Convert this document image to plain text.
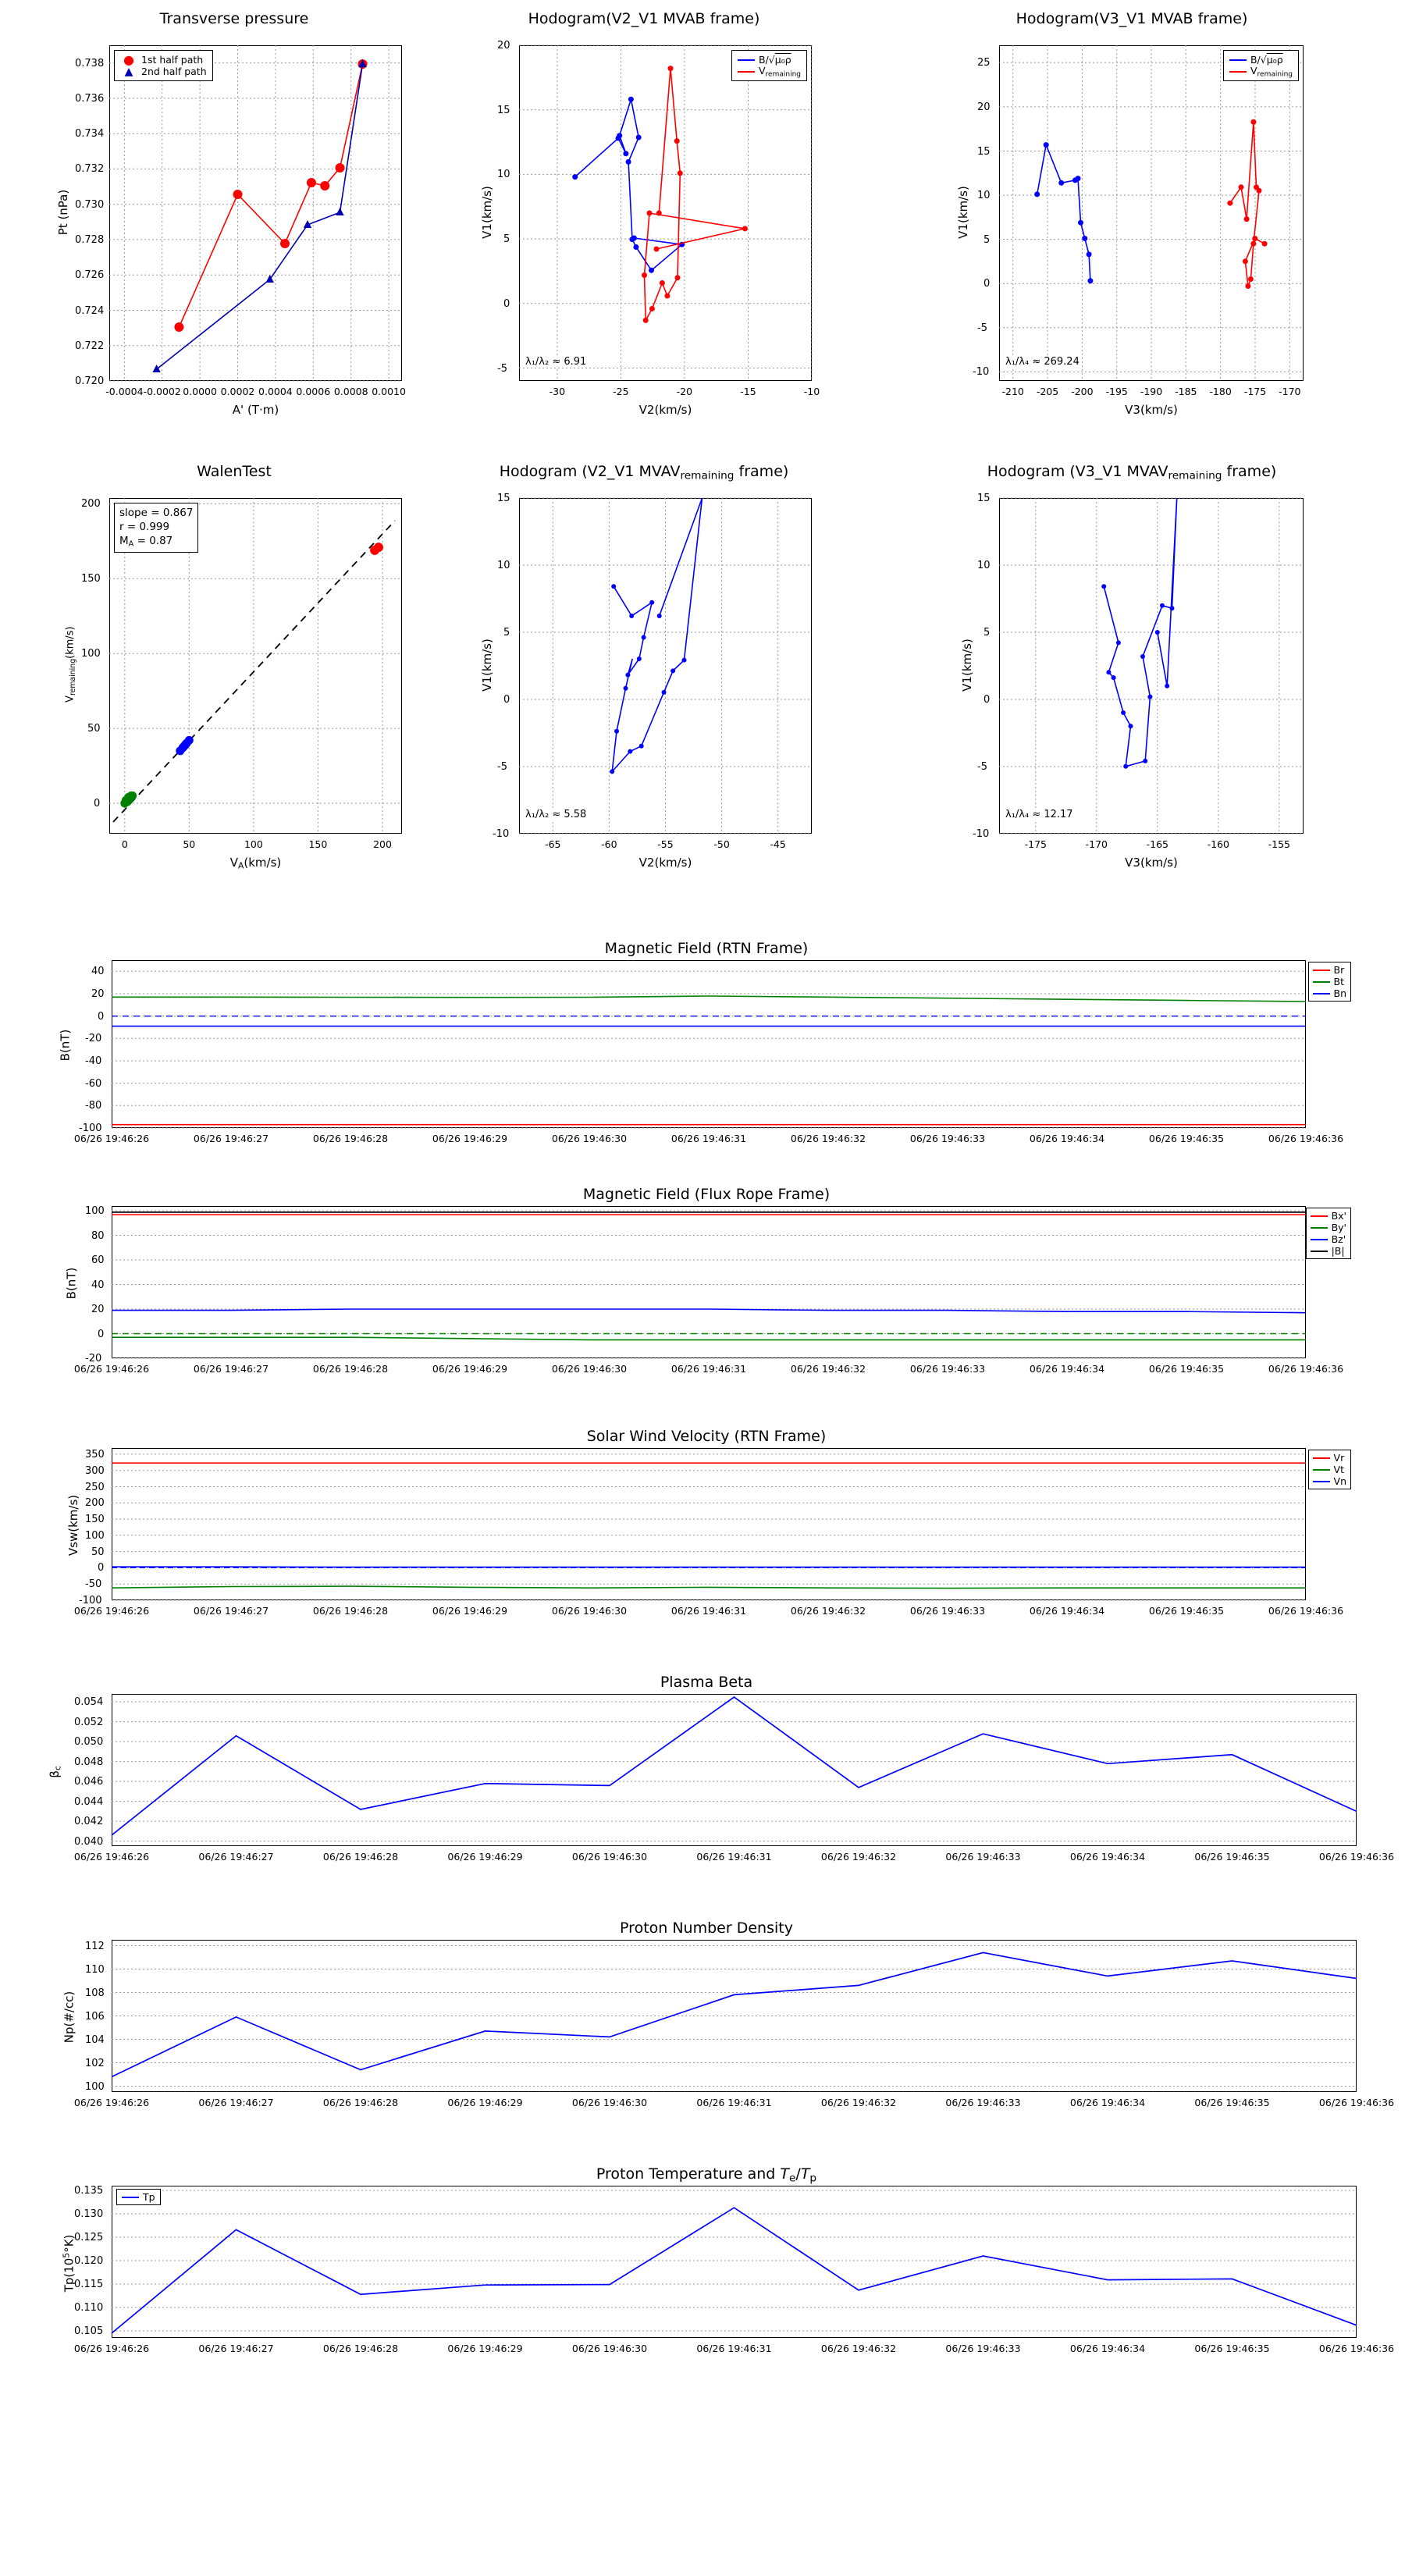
Transverse pressure
● 1st half path
▲ 2nd half path
0.720
0.722
0.724
0.726
0.728
0.730
0.732
0.734
0.736
0.738
-0.0004 -0.0002 0.0000 0.0002 0.0004 0.0006 0.0008 0.0010
A' (T·m)
Pt (nPa)
Hodogram(V2_V1 MVAB frame)
B/√μ₀ρ
$V_{remaining}$
λ₁/λ₂ ≈ 6.91
-5
0
5
10
15
20
-30	-25	-20	-15	-10
V2(km/s)
V1(km/s)
Hodogram(V3_V1 MVAB frame)
B/√μ₀ρ
$V_{remaining}$
λ₁/λ₄ ≈ 269.24
-10
-5
0
5
10
15
20
25
-210	-205	-200	-195	-190	-185	-180	-175	-170
V3(km/s)
V1(km/s)
WalenTest
slope = 0.867
r = 0.999
$M_A = 0.87$
0
50
100
150
200
0	50	100	150	200
$V_A(km/s)$
$V_{remaining}(km/s)$
Hodogram (V2_V1 $MVAV_{remaining}$ frame)
λ₁/λ₂ ≈ 5.58
-10
-5
0
5
10
15
-65	-60	-55	-50	-45
V2(km/s)
V1(km/s)
Hodogram (V3_V1 $MVAV_{remaining}$ frame)
λ₁/λ₄ ≈ 12.17
-10
-5
0
5
10
15
-175	-170	-165	-160	-155
V3(km/s)
V1(km/s)
Magnetic Field (RTN Frame)
Br
Bt
Bn
-100
-80
-60
-40
-20
0
20
40
B(nT)
06/26 19:46:26	06/26 19:46:27	06/26 19:46:28	06/26 19:46:29	06/26 19:46:30	06/26 19:46:31	06/26 19:46:32	06/26 19:46:33	06/26 19:46:34	06/26 19:46:35	06/26 19:46:36
Magnetic Field (Flux Rope Frame)
Bx'
By'
Bz'
|B|
-20
0
20
40
60
80
100
B(nT)
06/26 19:46:26	06/26 19:46:27	06/26 19:46:28	06/26 19:46:29	06/26 19:46:30	06/26 19:46:31	06/26 19:46:32	06/26 19:46:33	06/26 19:46:34	06/26 19:46:35	06/26 19:46:36
Solar Wind Velocity (RTN Frame)
Vr
Vt
Vn
-100
-50
0
50
100
150
200
250
300
350
Vsw(km/s)
06/26 19:46:26	06/26 19:46:27	06/26 19:46:28	06/26 19:46:29	06/26 19:46:30	06/26 19:46:31	06/26 19:46:32	06/26 19:46:33	06/26 19:46:34	06/26 19:46:35	06/26 19:46:36
Plasma Beta
0.040
0.042
0.044
0.046
0.048
0.050
0.052
0.054
$\beta_c$
06/26 19:46:26	06/26 19:46:27	06/26 19:46:28	06/26 19:46:29	06/26 19:46:30	06/26 19:46:31	06/26 19:46:32	06/26 19:46:33	06/26 19:46:34	06/26 19:46:35	06/26 19:46:36
Proton Number Density
100
102
104
106
108
110
112
Np(#/cc)
06/26 19:46:26	06/26 19:46:27	06/26 19:46:28	06/26 19:46:29	06/26 19:46:30	06/26 19:46:31	06/26 19:46:32	06/26 19:46:33	06/26 19:46:34	06/26 19:46:35	06/26 19:46:36
Proton Temperature and $T_e/T_p$
Tp
0.105
0.110
0.115
0.120
0.125
0.130
0.135
$Tp(10^5^\circ K)$
06/26 19:46:26	06/26 19:46:27	06/26 19:46:28	06/26 19:46:29	06/26 19:46:30	06/26 19:46:31	06/26 19:46:32	06/26 19:46:33	06/26 19:46:34	06/26 19:46:35	06/26 19:46:36
